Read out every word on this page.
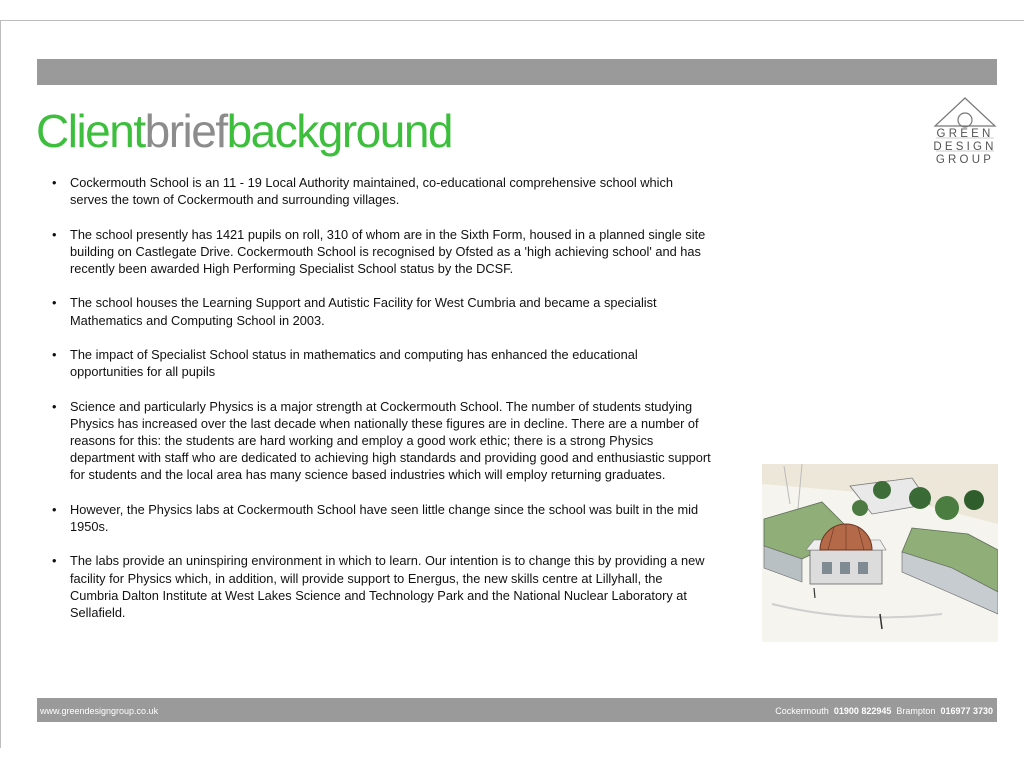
Clientbriefbackground	GREEN
DESIGN
GROUP
• Cockermouth School is an 11 - 19 Local Authority maintained, co-educational comprehensive school which serves the town of Cockermouth and surrounding villages.
• The school presently has 1421 pupils on roll, 310 of whom are in the Sixth Form, housed in a planned single site building on Castlegate Drive. Cockermouth School is recognised by Ofsted as a 'high achieving school' and has recently been awarded High Performing Specialist School status by the DCSF.
• The school houses the Learning Support and Autistic Facility for West Cumbria and became a specialist Mathematics and Computing School in 2003.
• The impact of Specialist School status in mathematics and computing has enhanced the educational opportunities for all pupils
• Science and particularly Physics is a major strength at Cockermouth School. The number of students studying Physics has increased over the last decade when nationally these figures are in decline. There are a number of reasons for this: the students are hard working and employ a good work ethic; there is a strong Physics department with staff who are dedicated to achieving high standards and providing good and enthusiastic support for students and the local area has many science based industries which will employ returning graduates.
• However, the Physics labs at Cockermouth School have seen little change since the school was built in the mid 1950s.
• The labs provide an uninspiring environment in which to learn. Our intention is to change this by providing a new facility for Physics which, in addition, will provide support to Energus, the new skills centre at Lillyhall, the Cumbria Dalton Institute at West Lakes Science and Technology Park and the National Nuclear Laboratory at Sellafield.
www.greendesigngroup.co.uk	Cockermouth 01900 822945 Brampton 016977 3730
